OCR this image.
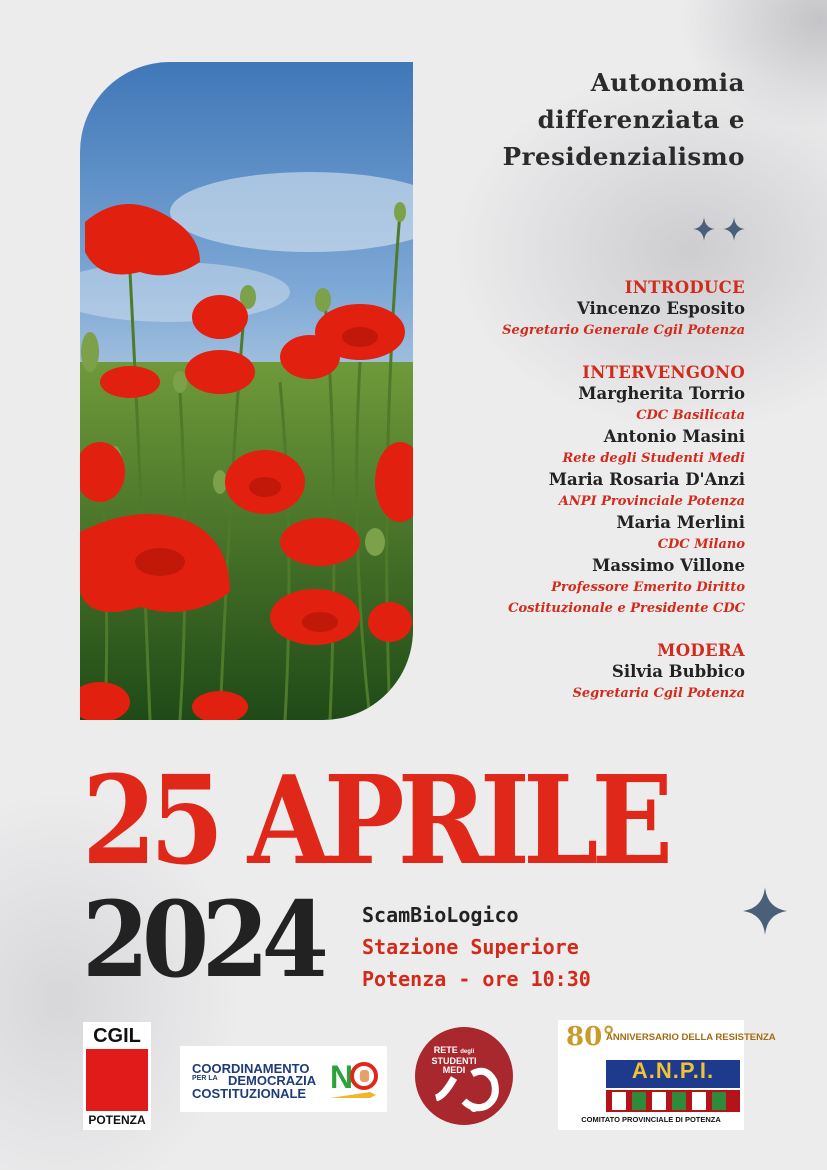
Autonomia
differenziata e
Presidenzialismo
INTRODUCE
Vincenzo Esposito
Segretario Generale Cgil Potenza
INTERVENGONO
Margherita Torrio
CDC Basilicata
Antonio Masini
Rete degli Studenti Medi
Maria Rosaria D'Anzi
ANPI Provinciale Potenza
Maria Merlini
CDC Milano
Massimo Villone
Professore Emerito Diritto
Costituzionale e Presidente CDC
MODERA
Silvia Bubbico
Segretaria Cgil Potenza
25 APRILE
2024 ScamBioLogico
Stazione Superiore
Potenza - ore 10:30
CGIL
POTENZA
COORDINAMENTO
PER LA DEMOCRAZIA
COSTITUZIONALE N
RETE degli
STUDENTI
MEDI
80°
ANNIVERSARIO DELLA RESISTENZA
A.N.P.I.
COMITATO PROVINCIALE DI POTENZA
